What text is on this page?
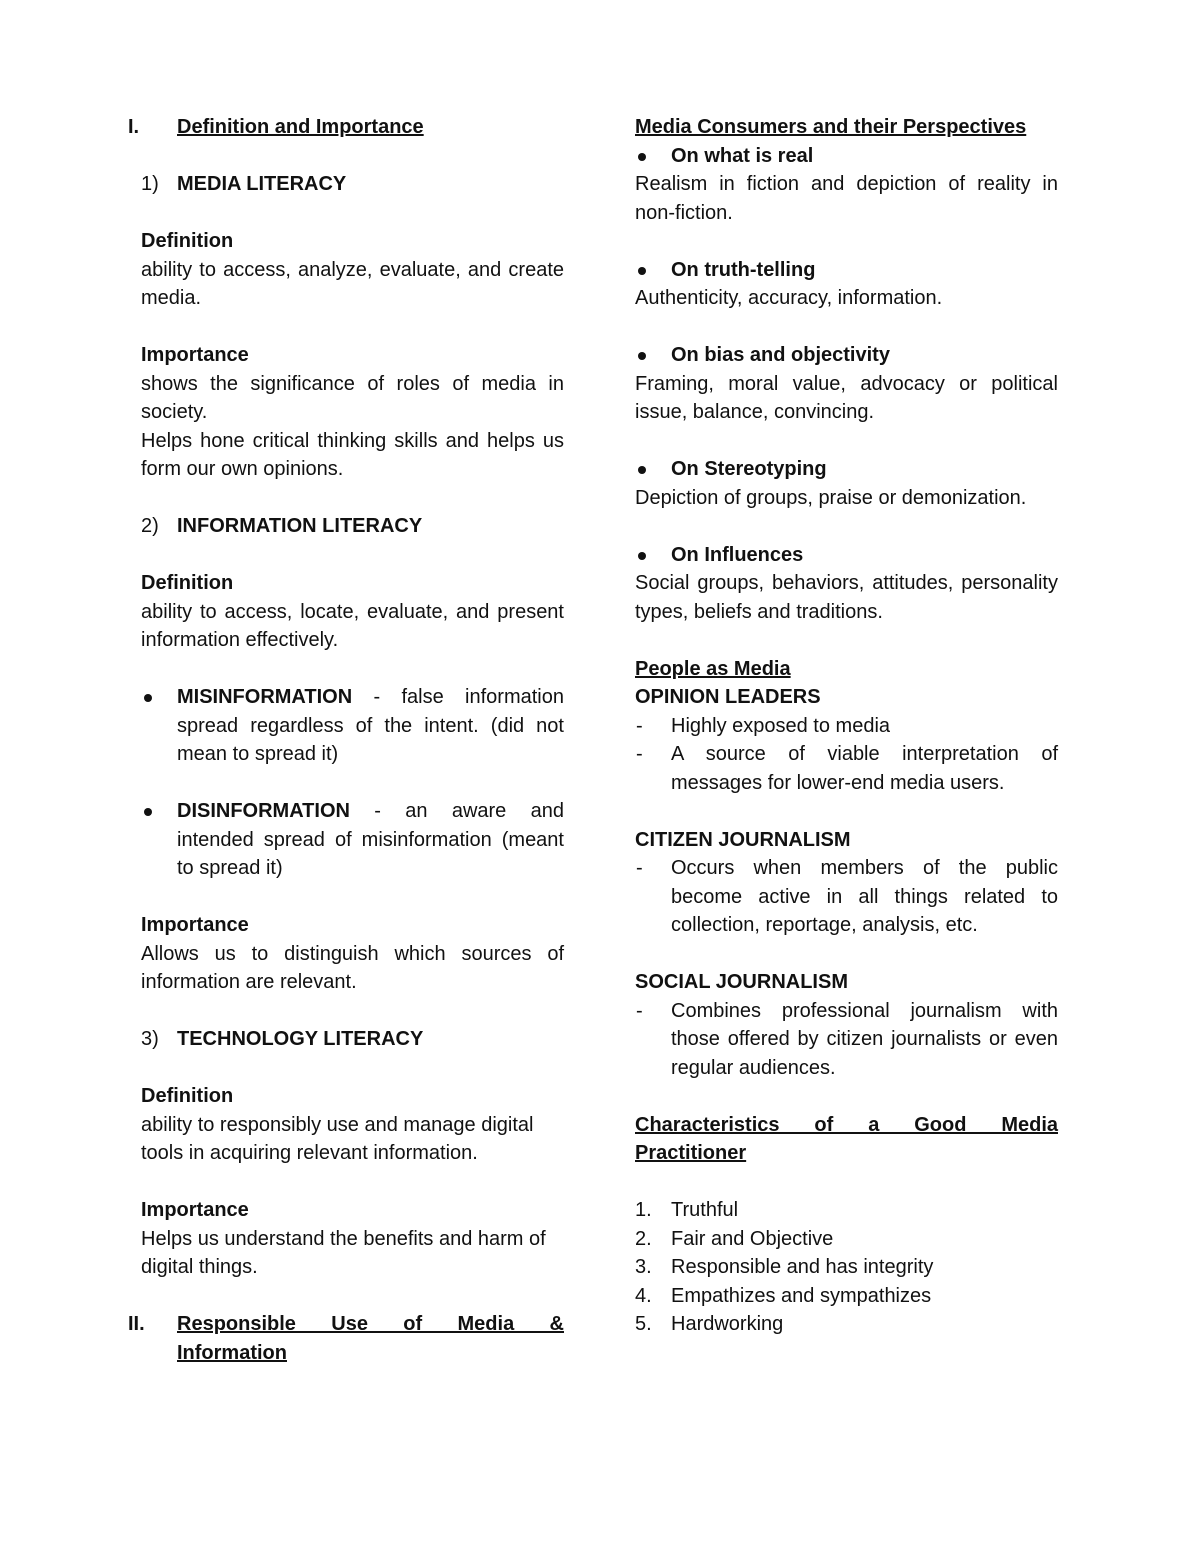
I. Definition and Importance
1) MEDIA LITERACY
Definition
ability to access, analyze, evaluate, and create media.
Importance
shows the significance of roles of media in society.
Helps hone critical thinking skills and helps us form our own opinions.
2) INFORMATION LITERACY
Definition
ability to access, locate, evaluate, and present information effectively.
MISINFORMATION - false information spread regardless of the intent. (did not mean to spread it)
DISINFORMATION - an aware and intended spread of misinformation (meant to spread it)
Importance
Allows us to distinguish which sources of information are relevant.
3) TECHNOLOGY LITERACY
Definition
ability to responsibly use and manage digital tools in acquiring relevant information.
Importance
Helps us understand the benefits and harm of digital things.
II. Responsible Use of Media &
Information
Media Consumers and their Perspectives
On what is real
Realism in fiction and depiction of reality in non-fiction.
On truth-telling
Authenticity, accuracy, information.
On bias and objectivity
Framing, moral value, advocacy or political issue, balance, convincing.
On Stereotyping
Depiction of groups, praise or demonization.
On Influences
Social groups, behaviors, attitudes, personality types, beliefs and traditions.
People as Media
OPINION LEADERS
- Highly exposed to media
- A source of viable interpretation of messages for lower-end media users.
CITIZEN JOURNALISM
- Occurs when members of the public become active in all things related to collection, reportage, analysis, etc.
SOCIAL JOURNALISM
- Combines professional journalism with those offered by citizen journalists or even regular audiences.
Characteristics of a Good Media
Practitioner
1. Truthful
2. Fair and Objective
3. Responsible and has integrity
4. Empathizes and sympathizes
5. Hardworking
